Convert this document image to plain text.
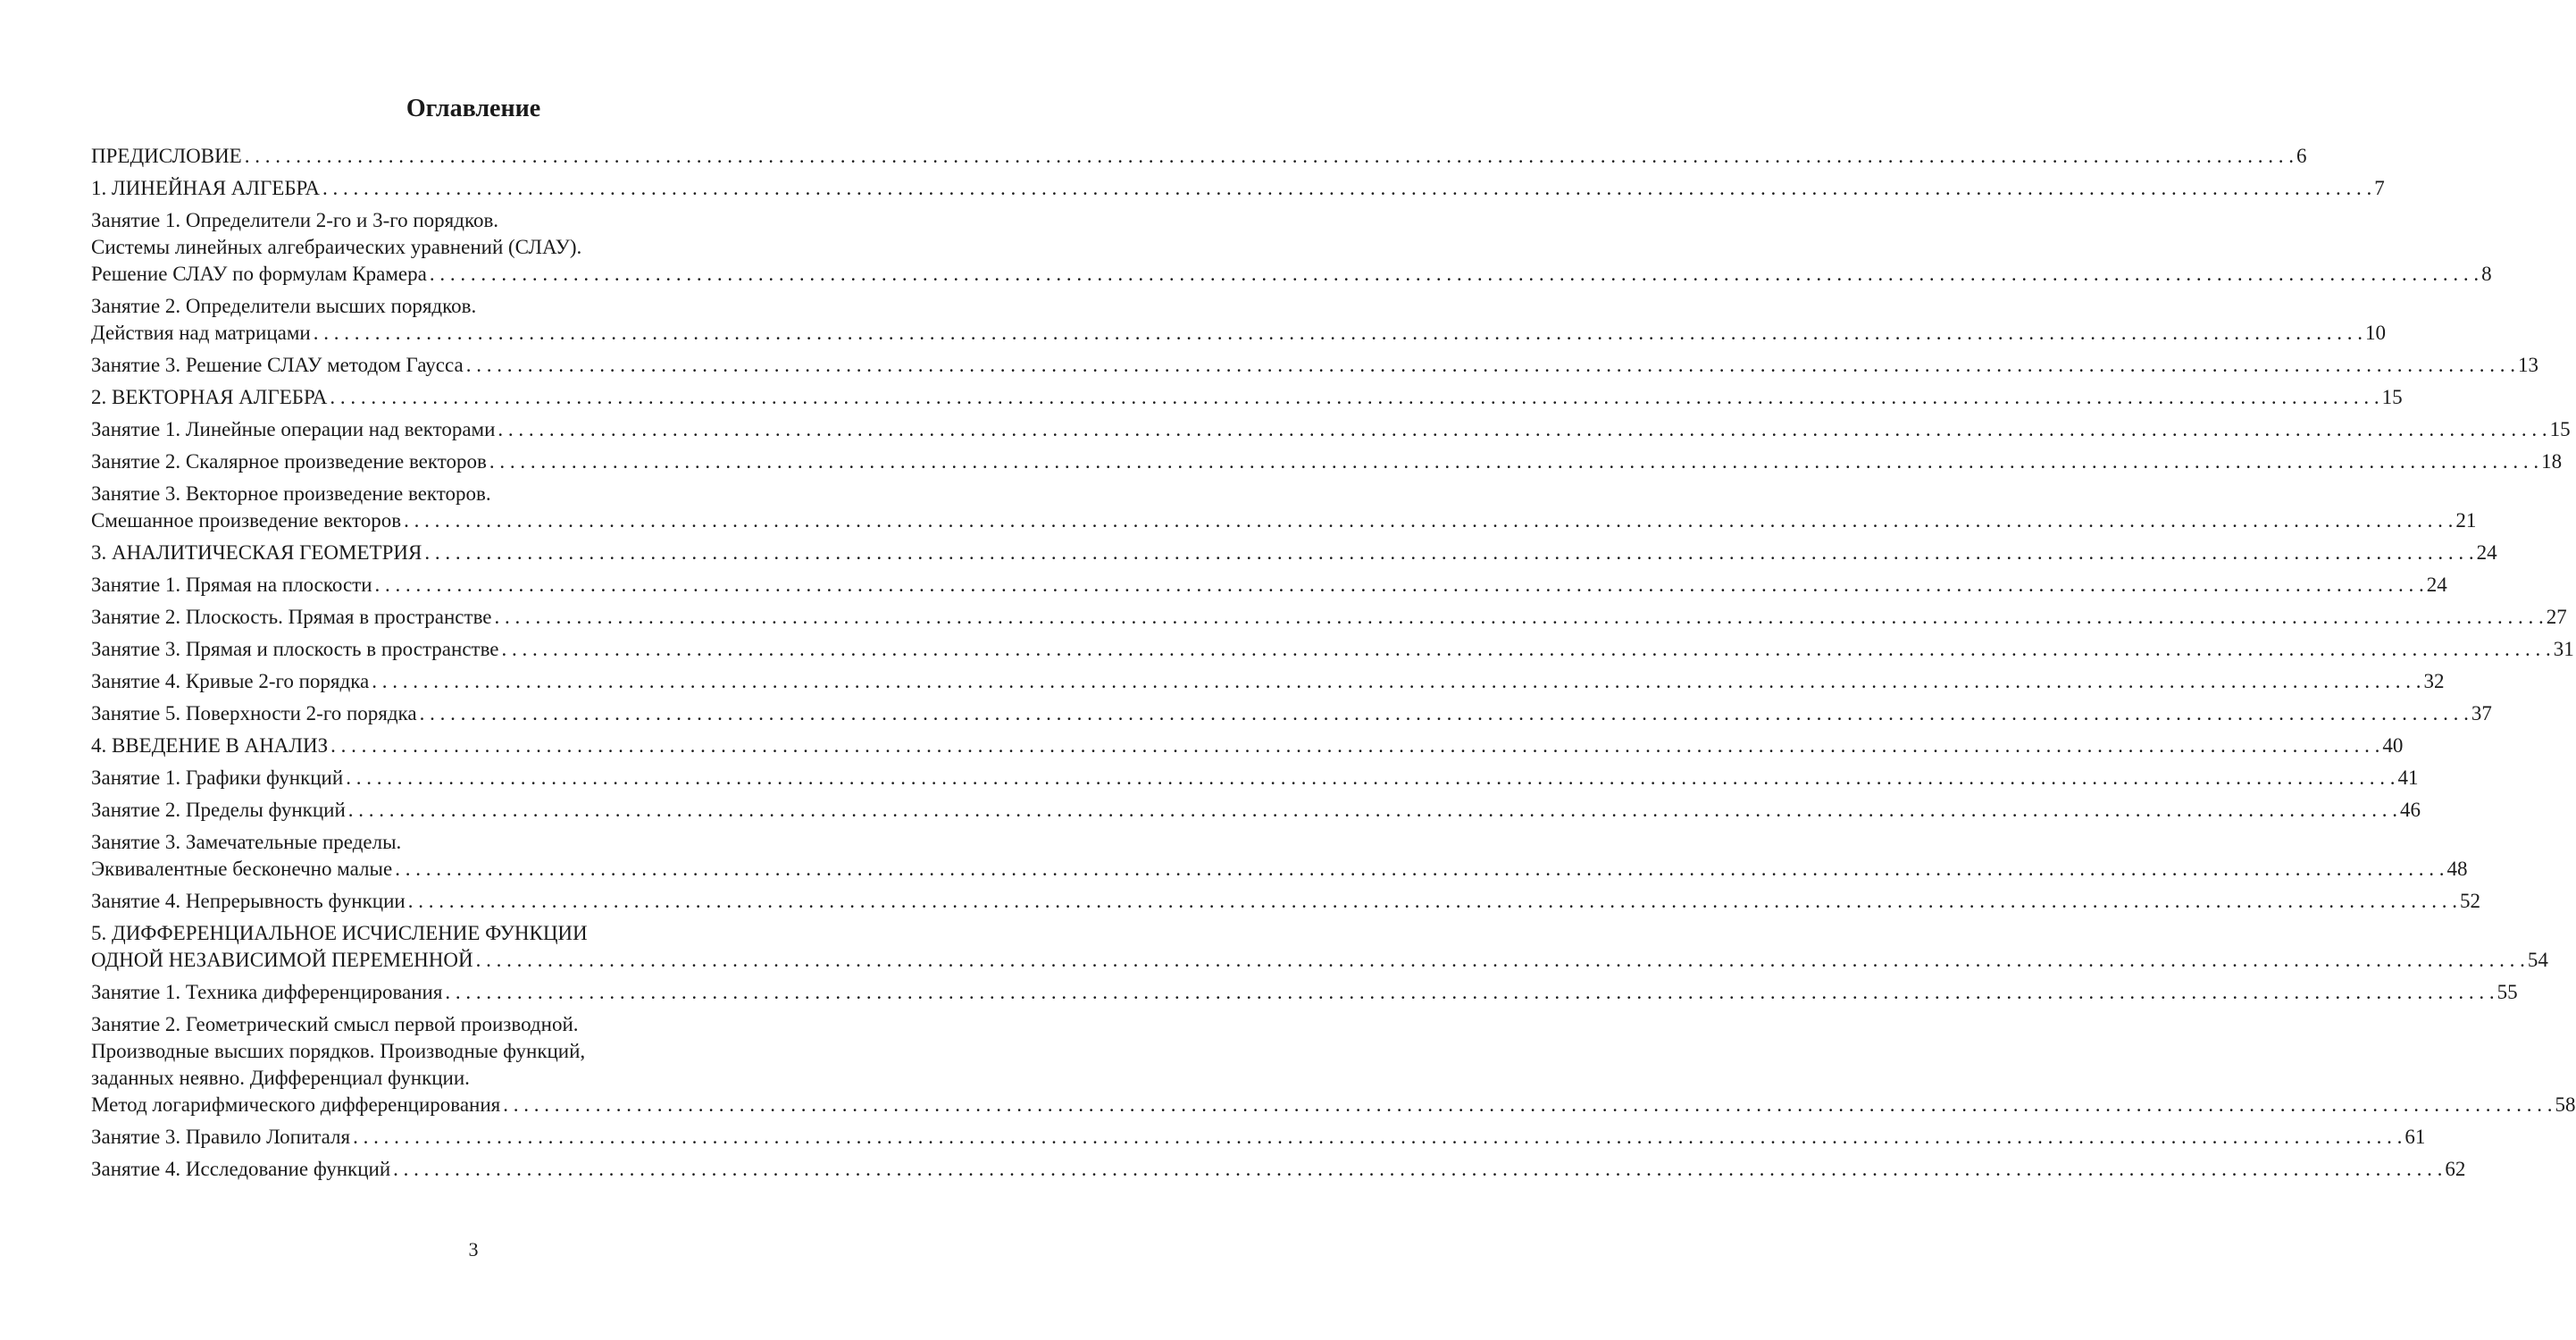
Оглавление
ПРЕДИСЛОВИЕ . . . . . . . . . . . . . . . . . . . . . . . . . . . . . . . . . . . . . . . . . . . . . . . . . . . . . . . . . . . . . . . . . . . . . . . . . . . . . . . . . . . . . . . . . . . . . . . . . . . . . . . . . . . . . . . . . . . . . . . . . . . . . . . . . . . . . . . . . . . . . . . . . . . . . . . . . . . . . . . . . . . . . . . . . . . . . . . . . . . . . . . . . . . . . . . . . . . . . . . . 6
1. ЛИНЕЙНАЯ АЛГЕБРА . . . . . . . . . . . . . . . . . . . . . . . . . . . . . . . . . . . . . . . . . . . . . . . . . . . . . . . . . . . . . . . . . . . . . . . . . . . . . . . . . . . . . . . . . . . . . . . . . . . . . . . . . . . . . . . . . . . . . . . . . . . . . . . . . . . . . . . . . . . . . . . . . . . . . . . . . . . . . . . . . . . . . . . . . . . . . . . . . . . . . . . . . . . . . . . . . . . . . . . . 7
Занятие 1. Определители 2-го и 3-го порядков.
Системы линейных алгебраических уравнений (СЛАУ).
Решение СЛАУ по формулам Крамера . . . . . . . . . . . . . . . . . . . . . . . . . . . . . . . . . . . . . . . . . . . . . . . . . . . . . . . . . . . . . . . . . . . . . . . . . . . . . . . . . . . . . . . . . . . . . . . . . . . . . . . . . . . . . . . . . . . . . . . . . . . . . . . . . . . . . . . . . . . . . . . . . . . . . . . . . . . . . . . . . . . . . . . . . . . . . . . . . . . . . . . . . . . . . . . . . . . . . . . . 8
Занятие 2. Определители высших порядков.
Действия над матрицами . . . . . . . . . . . . . . . . . . . . . . . . . . . . . . . . . . . . . . . . . . . . . . . . . . . . . . . . . . . . . . . . . . . . . . . . . . . . . . . . . . . . . . . . . . . . . . . . . . . . . . . . . . . . . . . . . . . . . . . . . . . . . . . . . . . . . . . . . . . . . . . . . . . . . . . . . . . . . . . . . . . . . . . . . . . . . . . . . . . . . . . . . . . . . . . . . . . . . . . . 10
Занятие 3. Решение СЛАУ методом Гаусса . . . . . . . . . . . . . . . . . . . . . . . . . . . . . . . . . . . . . . . . . . . . . . . . . . . . . . . . . . . . . . . . . . . . . . . . . . . . . . . . . . . . . . . . . . . . . . . . . . . . . . . . . . . . . . . . . . . . . . . . . . . . . . . . . . . . . . . . . . . . . . . . . . . . . . . . . . . . . . . . . . . . . . . . . . . . . . . . . . . . . . . . . . . . . . . . . . . . . . . . 13
2. ВЕКТОРНАЯ АЛГЕБРА . . . . . . . . . . . . . . . . . . . . . . . . . . . . . . . . . . . . . . . . . . . . . . . . . . . . . . . . . . . . . . . . . . . . . . . . . . . . . . . . . . . . . . . . . . . . . . . . . . . . . . . . . . . . . . . . . . . . . . . . . . . . . . . . . . . . . . . . . . . . . . . . . . . . . . . . . . . . . . . . . . . . . . . . . . . . . . . . . . . . . . . . . . . . . . . . . . . . . . . . 15
Занятие 1. Линейные операции над векторами . . . . . . . . . . . . . . . . . . . . . . . . . . . . . . . . . . . . . . . . . . . . . . . . . . . . . . . . . . . . . . . . . . . . . . . . . . . . . . . . . . . . . . . . . . . . . . . . . . . . . . . . . . . . . . . . . . . . . . . . . . . . . . . . . . . . . . . . . . . . . . . . . . . . . . . . . . . . . . . . . . . . . . . . . . . . . . . . . . . . . . . . . . . . . . . . . . . . . . . . 15
Занятие 2. Скалярное произведение векторов . . . . . . . . . . . . . . . . . . . . . . . . . . . . . . . . . . . . . . . . . . . . . . . . . . . . . . . . . . . . . . . . . . . . . . . . . . . . . . . . . . . . . . . . . . . . . . . . . . . . . . . . . . . . . . . . . . . . . . . . . . . . . . . . . . . . . . . . . . . . . . . . . . . . . . . . . . . . . . . . . . . . . . . . . . . . . . . . . . . . . . . . . . . . . . . . . . . . . . . . 18
Занятие 3. Векторное произведение векторов.
Смешанное произведение векторов . . . . . . . . . . . . . . . . . . . . . . . . . . . . . . . . . . . . . . . . . . . . . . . . . . . . . . . . . . . . . . . . . . . . . . . . . . . . . . . . . . . . . . . . . . . . . . . . . . . . . . . . . . . . . . . . . . . . . . . . . . . . . . . . . . . . . . . . . . . . . . . . . . . . . . . . . . . . . . . . . . . . . . . . . . . . . . . . . . . . . . . . . . . . . . . . . . . . . . . . 21
3. АНАЛИТИЧЕСКАЯ ГЕОМЕТРИЯ . . . . . . . . . . . . . . . . . . . . . . . . . . . . . . . . . . . . . . . . . . . . . . . . . . . . . . . . . . . . . . . . . . . . . . . . . . . . . . . . . . . . . . . . . . . . . . . . . . . . . . . . . . . . . . . . . . . . . . . . . . . . . . . . . . . . . . . . . . . . . . . . . . . . . . . . . . . . . . . . . . . . . . . . . . . . . . . . . . . . . . . . . . . . . . . . . . . . . . . . 24
Занятие 1. Прямая на плоскости . . . . . . . . . . . . . . . . . . . . . . . . . . . . . . . . . . . . . . . . . . . . . . . . . . . . . . . . . . . . . . . . . . . . . . . . . . . . . . . . . . . . . . . . . . . . . . . . . . . . . . . . . . . . . . . . . . . . . . . . . . . . . . . . . . . . . . . . . . . . . . . . . . . . . . . . . . . . . . . . . . . . . . . . . . . . . . . . . . . . . . . . . . . . . . . . . . . . . . . . 24
Занятие 2. Плоскость. Прямая в пространстве . . . . . . . . . . . . . . . . . . . . . . . . . . . . . . . . . . . . . . . . . . . . . . . . . . . . . . . . . . . . . . . . . . . . . . . . . . . . . . . . . . . . . . . . . . . . . . . . . . . . . . . . . . . . . . . . . . . . . . . . . . . . . . . . . . . . . . . . . . . . . . . . . . . . . . . . . . . . . . . . . . . . . . . . . . . . . . . . . . . . . . . . . . . . . . . . . . . . . . . . 27
Занятие 3. Прямая и плоскость в пространстве . . . . . . . . . . . . . . . . . . . . . . . . . . . . . . . . . . . . . . . . . . . . . . . . . . . . . . . . . . . . . . . . . . . . . . . . . . . . . . . . . . . . . . . . . . . . . . . . . . . . . . . . . . . . . . . . . . . . . . . . . . . . . . . . . . . . . . . . . . . . . . . . . . . . . . . . . . . . . . . . . . . . . . . . . . . . . . . . . . . . . . . . . . . . . . . . . . . . . . . . 31
Занятие 4. Кривые 2-го порядка . . . . . . . . . . . . . . . . . . . . . . . . . . . . . . . . . . . . . . . . . . . . . . . . . . . . . . . . . . . . . . . . . . . . . . . . . . . . . . . . . . . . . . . . . . . . . . . . . . . . . . . . . . . . . . . . . . . . . . . . . . . . . . . . . . . . . . . . . . . . . . . . . . . . . . . . . . . . . . . . . . . . . . . . . . . . . . . . . . . . . . . . . . . . . . . . . . . . . . . . 32
Занятие 5. Поверхности 2-го порядка . . . . . . . . . . . . . . . . . . . . . . . . . . . . . . . . . . . . . . . . . . . . . . . . . . . . . . . . . . . . . . . . . . . . . . . . . . . . . . . . . . . . . . . . . . . . . . . . . . . . . . . . . . . . . . . . . . . . . . . . . . . . . . . . . . . . . . . . . . . . . . . . . . . . . . . . . . . . . . . . . . . . . . . . . . . . . . . . . . . . . . . . . . . . . . . . . . . . . . . . 37
4. ВВЕДЕНИЕ В АНАЛИЗ . . . . . . . . . . . . . . . . . . . . . . . . . . . . . . . . . . . . . . . . . . . . . . . . . . . . . . . . . . . . . . . . . . . . . . . . . . . . . . . . . . . . . . . . . . . . . . . . . . . . . . . . . . . . . . . . . . . . . . . . . . . . . . . . . . . . . . . . . . . . . . . . . . . . . . . . . . . . . . . . . . . . . . . . . . . . . . . . . . . . . . . . . . . . . . . . . . . . . . . . 40
Занятие 1. Графики функций . . . . . . . . . . . . . . . . . . . . . . . . . . . . . . . . . . . . . . . . . . . . . . . . . . . . . . . . . . . . . . . . . . . . . . . . . . . . . . . . . . . . . . . . . . . . . . . . . . . . . . . . . . . . . . . . . . . . . . . . . . . . . . . . . . . . . . . . . . . . . . . . . . . . . . . . . . . . . . . . . . . . . . . . . . . . . . . . . . . . . . . . . . . . . . . . . . . . . . . . 41
Занятие 2. Пределы функций . . . . . . . . . . . . . . . . . . . . . . . . . . . . . . . . . . . . . . . . . . . . . . . . . . . . . . . . . . . . . . . . . . . . . . . . . . . . . . . . . . . . . . . . . . . . . . . . . . . . . . . . . . . . . . . . . . . . . . . . . . . . . . . . . . . . . . . . . . . . . . . . . . . . . . . . . . . . . . . . . . . . . . . . . . . . . . . . . . . . . . . . . . . . . . . . . . . . . . . . 46
Занятие 3. Замечательные пределы.
Эквивалентные бесконечно малые . . . . . . . . . . . . . . . . . . . . . . . . . . . . . . . . . . . . . . . . . . . . . . . . . . . . . . . . . . . . . . . . . . . . . . . . . . . . . . . . . . . . . . . . . . . . . . . . . . . . . . . . . . . . . . . . . . . . . . . . . . . . . . . . . . . . . . . . . . . . . . . . . . . . . . . . . . . . . . . . . . . . . . . . . . . . . . . . . . . . . . . . . . . . . . . . . . . . . . . . 48
Занятие 4. Непрерывность функции . . . . . . . . . . . . . . . . . . . . . . . . . . . . . . . . . . . . . . . . . . . . . . . . . . . . . . . . . . . . . . . . . . . . . . . . . . . . . . . . . . . . . . . . . . . . . . . . . . . . . . . . . . . . . . . . . . . . . . . . . . . . . . . . . . . . . . . . . . . . . . . . . . . . . . . . . . . . . . . . . . . . . . . . . . . . . . . . . . . . . . . . . . . . . . . . . . . . . . . . 52
5. ДИФФЕРЕНЦИАЛЬНОЕ ИСЧИСЛЕНИЕ ФУНКЦИИ
ОДНОЙ НЕЗАВИСИМОЙ ПЕРЕМЕННОЙ . . . . . . . . . . . . . . . . . . . . . . . . . . . . . . . . . . . . . . . . . . . . . . . . . . . . . . . . . . . . . . . . . . . . . . . . . . . . . . . . . . . . . . . . . . . . . . . . . . . . . . . . . . . . . . . . . . . . . . . . . . . . . . . . . . . . . . . . . . . . . . . . . . . . . . . . . . . . . . . . . . . . . . . . . . . . . . . . . . . . . . . . . . . . . . . . . . . . . . . . 54
Занятие 1. Техника дифференцирования . . . . . . . . . . . . . . . . . . . . . . . . . . . . . . . . . . . . . . . . . . . . . . . . . . . . . . . . . . . . . . . . . . . . . . . . . . . . . . . . . . . . . . . . . . . . . . . . . . . . . . . . . . . . . . . . . . . . . . . . . . . . . . . . . . . . . . . . . . . . . . . . . . . . . . . . . . . . . . . . . . . . . . . . . . . . . . . . . . . . . . . . . . . . . . . . . . . . . . . . 55
Занятие 2. Геометрический смысл первой производной.
Производные высших порядков. Производные функций,
заданных неявно. Дифференциал функции.
Метод логарифмического дифференцирования . . . . . . . . . . . . . . . . . . . . . . . . . . . . . . . . . . . . . . . . . . . . . . . . . . . . . . . . . . . . . . . . . . . . . . . . . . . . . . . . . . . . . . . . . . . . . . . . . . . . . . . . . . . . . . . . . . . . . . . . . . . . . . . . . . . . . . . . . . . . . . . . . . . . . . . . . . . . . . . . . . . . . . . . . . . . . . . . . . . . . . . . . . . . . . . . . . . . . . . . 58
Занятие 3. Правило Лопиталя . . . . . . . . . . . . . . . . . . . . . . . . . . . . . . . . . . . . . . . . . . . . . . . . . . . . . . . . . . . . . . . . . . . . . . . . . . . . . . . . . . . . . . . . . . . . . . . . . . . . . . . . . . . . . . . . . . . . . . . . . . . . . . . . . . . . . . . . . . . . . . . . . . . . . . . . . . . . . . . . . . . . . . . . . . . . . . . . . . . . . . . . . . . . . . . . . . . . . . . . 61
Занятие 4. Исследование функций . . . . . . . . . . . . . . . . . . . . . . . . . . . . . . . . . . . . . . . . . . . . . . . . . . . . . . . . . . . . . . . . . . . . . . . . . . . . . . . . . . . . . . . . . . . . . . . . . . . . . . . . . . . . . . . . . . . . . . . . . . . . . . . . . . . . . . . . . . . . . . . . . . . . . . . . . . . . . . . . . . . . . . . . . . . . . . . . . . . . . . . . . . . . . . . . . . . . . . . . 62
3
